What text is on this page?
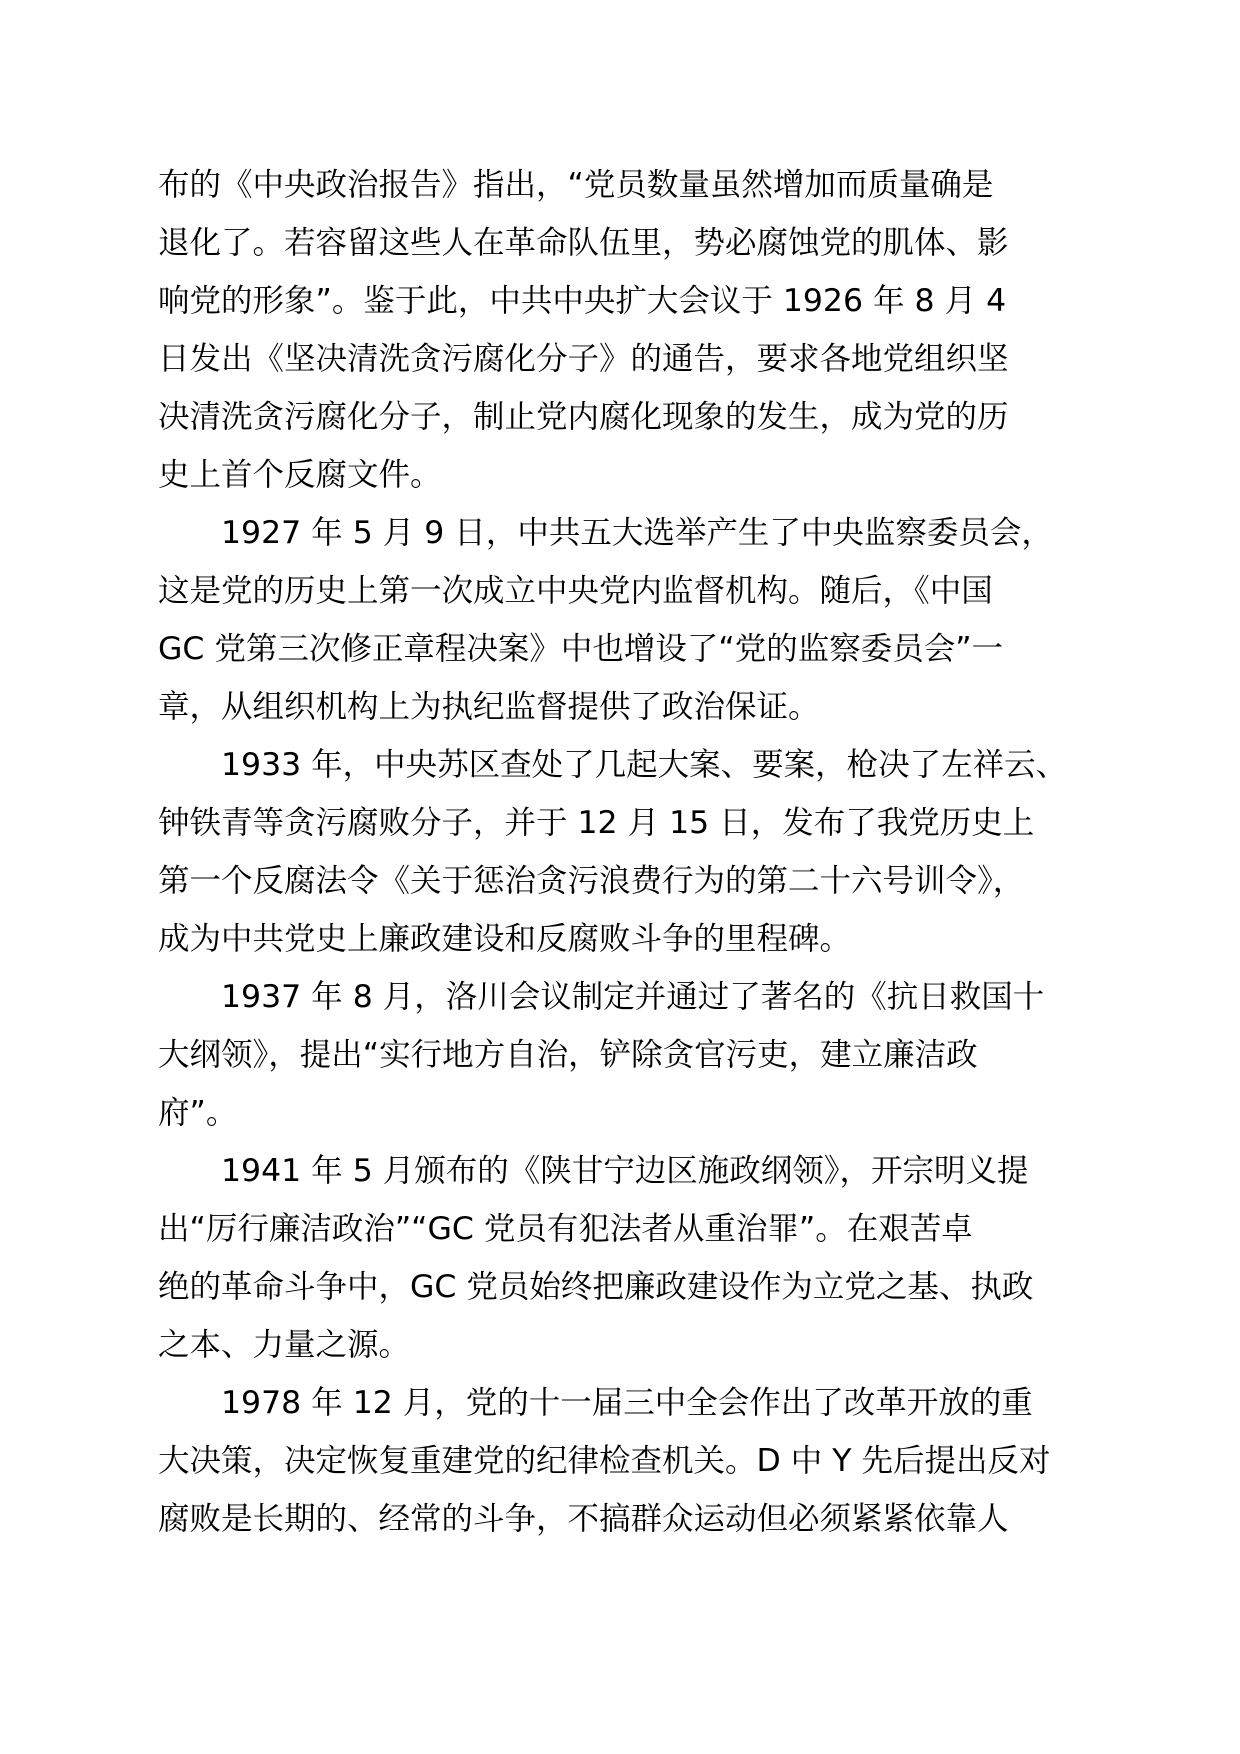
布的《中央政治报告》指出，“党员数量虽然增加而质量确是
退化了。若容留这些人在革命队伍里，势必腐蚀党的肌体、影
响党的形象”。鉴于此，中共中央扩大会议于 1926 年 8 月 4
日发出《坚决清洗贪污腐化分子》的通告，要求各地党组织坚
决清洗贪污腐化分子，制止党内腐化现象的发生，成为党的历
史上首个反腐文件。

1927 年 5 月 9 日，中共五大选举产生了中央监察委员会，
这是党的历史上第一次成立中央党内监督机构。随后，《中国
GC 党第三次修正章程决案》中也增设了“党的监察委员会”一
章，从组织机构上为执纪监督提供了政治保证。

1933 年，中央苏区查处了几起大案、要案，枪决了左祥云、
钟铁青等贪污腐败分子，并于 12 月 15 日，发布了我党历史上
第一个反腐法令《关于惩治贪污浪费行为的第二十六号训令》，
成为中共党史上廉政建设和反腐败斗争的里程碑。

1937 年 8 月，洛川会议制定并通过了著名的《抗日救国十
大纲领》，提出“实行地方自治，铲除贪官污吏，建立廉洁政
府”。

1941 年 5 月颁布的《陕甘宁边区施政纲领》，开宗明义提
出“厉行廉洁政治”“GC 党员有犯法者从重治罪”。在艰苦卓
绝的革命斗争中，GC 党员始终把廉政建设作为立党之基、执政
之本、力量之源。

1978 年 12 月，党的十一届三中全会作出了改革开放的重
大决策，决定恢复重建党的纪律检查机关。D 中 Y 先后提出反对
腐败是长期的、经常的斗争，不搞群众运动但必须紧紧依靠人
